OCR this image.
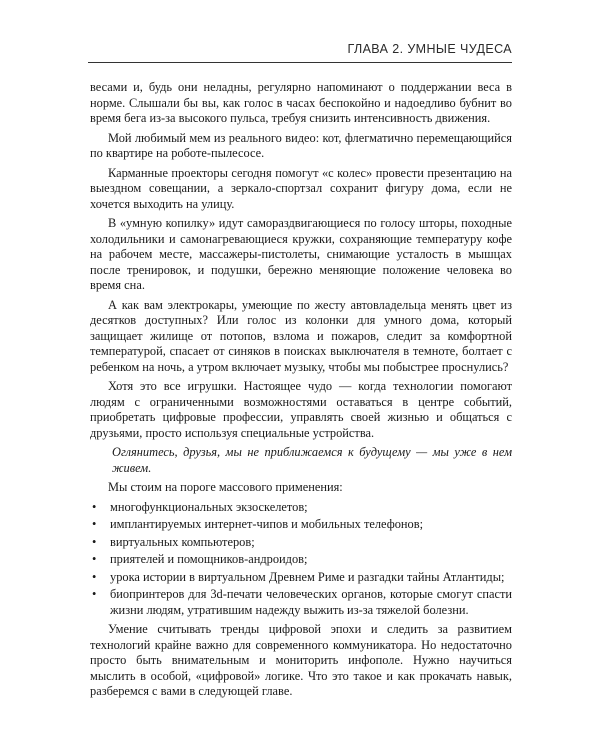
ГЛАВА 2. УМНЫЕ ЧУДЕСА

весами и, будь они неладны, регулярно напоминают о поддержании веса в норме. Слышали бы вы, как голос в часах беспокойно и надоедливо бубнит во время бега из-за высокого пульса, требуя снизить интенсивность движения.

Мой любимый мем из реального видео: кот, флегматично перемещающийся по квартире на роботе-пылесосе.

Карманные проекторы сегодня помогут «с колес» провести презентацию на выездном совещании, а зеркало-спортзал сохранит фигуру дома, если не хочется выходить на улицу.

В «умную копилку» идут самораздвигающиеся по голосу шторы, походные холодильники и самонагревающиеся кружки, сохраняющие температуру кофе на рабочем месте, массажеры-пистолеты, снимающие усталость в мышцах после тренировок, и подушки, бережно меняющие положение человека во время сна.

А как вам электрокары, умеющие по жесту автовладельца менять цвет из десятков доступных? Или голос из колонки для умного дома, который защищает жилище от потопов, взлома и пожаров, следит за комфортной температурой, спасает от синяков в поисках выключателя в темноте, болтает с ребенком на ночь, а утром включает музыку, чтобы мы побыстрее проснулись?

Хотя это все игрушки. Настоящее чудо — когда технологии помогают людям с ограниченными возможностями оставаться в центре событий, приобретать цифровые профессии, управлять своей жизнью и общаться с друзьями, просто используя специальные устройства.

Оглянитесь, друзья, мы не приближаемся к будущему — мы уже в нем живем.

Мы стоим на пороге массового применения:

• многофункциональных экзоскелетов;
• имплантируемых интернет-чипов и мобильных телефонов;
• виртуальных компьютеров;
• приятелей и помощников-андроидов;
• урока истории в виртуальном Древнем Риме и разгадки тайны Атлантиды;
• биопринтеров для 3d-печати человеческих органов, которые смогут спасти жизни людям, утратившим надежду выжить из-за тяжелой болезни.

Умение считывать тренды цифровой эпохи и следить за развитием технологий крайне важно для современного коммуникатора. Но недостаточно просто быть внимательным и мониторить инфополе. Нужно научиться мыслить в особой, «цифровой» логике. Что это такое и как прокачать навык, разберемся с вами в следующей главе.
